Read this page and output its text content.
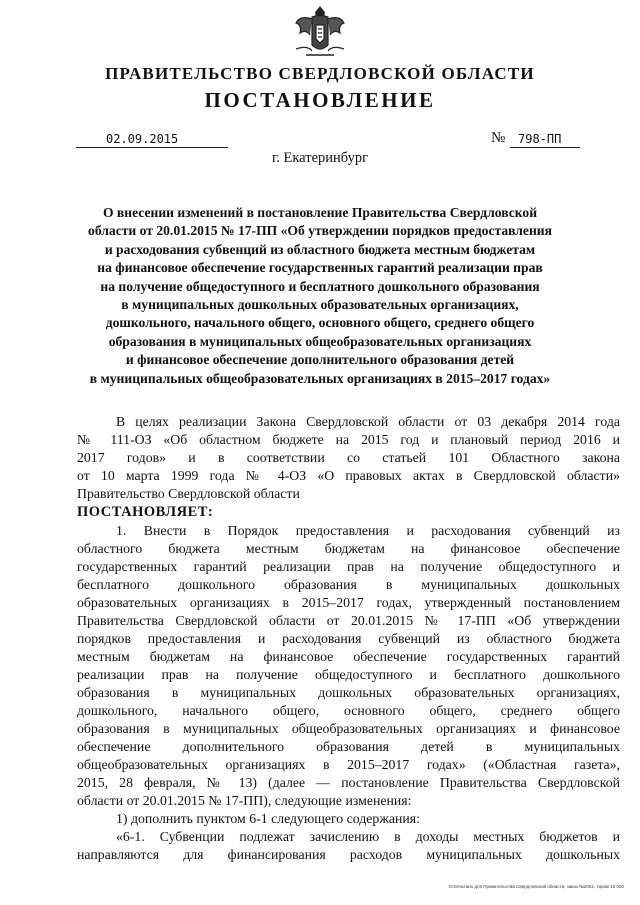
ПРАВИТЕЛЬСТВО СВЕРДЛОВСКОЙ ОБЛАСТИ
ПОСТАНОВЛЕНИЕ
02.09.2015	№	798-ПП
г. Екатеринбург
О внесении изменений в постановление Правительства Свердловской
области от 20.01.2015 № 17-ПП «Об утверждении порядков предоставления
и расходования субвенций из областного бюджета местным бюджетам
на финансовое обеспечение государственных гарантий реализации прав
на получение общедоступного и бесплатного дошкольного образования
в муниципальных дошкольных образовательных организациях,
дошкольного, начального общего, основного общего, среднего общего
образования в муниципальных общеобразовательных организациях
и финансовое обеспечение дополнительного образования детей
в муниципальных общеобразовательных организациях в 2015–2017 годах»
В целях реализации Закона Свердловской области от 03 декабря 2014 года
№ 111-ОЗ «Об областном бюджете на 2015 год и плановый период 2016 и
2017 годов» и в соответствии со статьей 101 Областного закона
от 10 марта 1999 года № 4-ОЗ «О правовых актах в Свердловской области»
Правительство Свердловской области
ПОСТАНОВЛЯЕТ:
1. Внести в Порядок предоставления и расходования субвенций из
областного бюджета местным бюджетам на финансовое обеспечение
государственных гарантий реализации прав на получение общедоступного и
бесплатного дошкольного образования в муниципальных дошкольных
образовательных организациях в 2015–2017 годах, утвержденный постановлением
Правительства Свердловской области от 20.01.2015 № 17-ПП «Об утверждении
порядков предоставления и расходования субвенций из областного бюджета
местным бюджетам на финансовое обеспечение государственных гарантий
реализации прав на получение общедоступного и бесплатного дошкольного
образования в муниципальных дошкольных образовательных организациях,
дошкольного, начального общего, основного общего, среднего общего
образования в муниципальных общеобразовательных организациях и финансовое
обеспечение дополнительного образования детей в муниципальных
общеобразовательных организациях в 2015–2017 годах» («Областная газета»,
2015, 28 февраля, № 13) (далее — постановление Правительства Свердловской
области от 20.01.2015 № 17-ПП), следующие изменения:
1) дополнить пунктом 6-1 следующего содержания:
«6-1. Субвенции подлежат зачислению в доходы местных бюджетов и
направляются для финансирования расходов муниципальных дошкольных
Отпечатано для Правительства Свердловской области, заказ №2002, тираж 10 000
